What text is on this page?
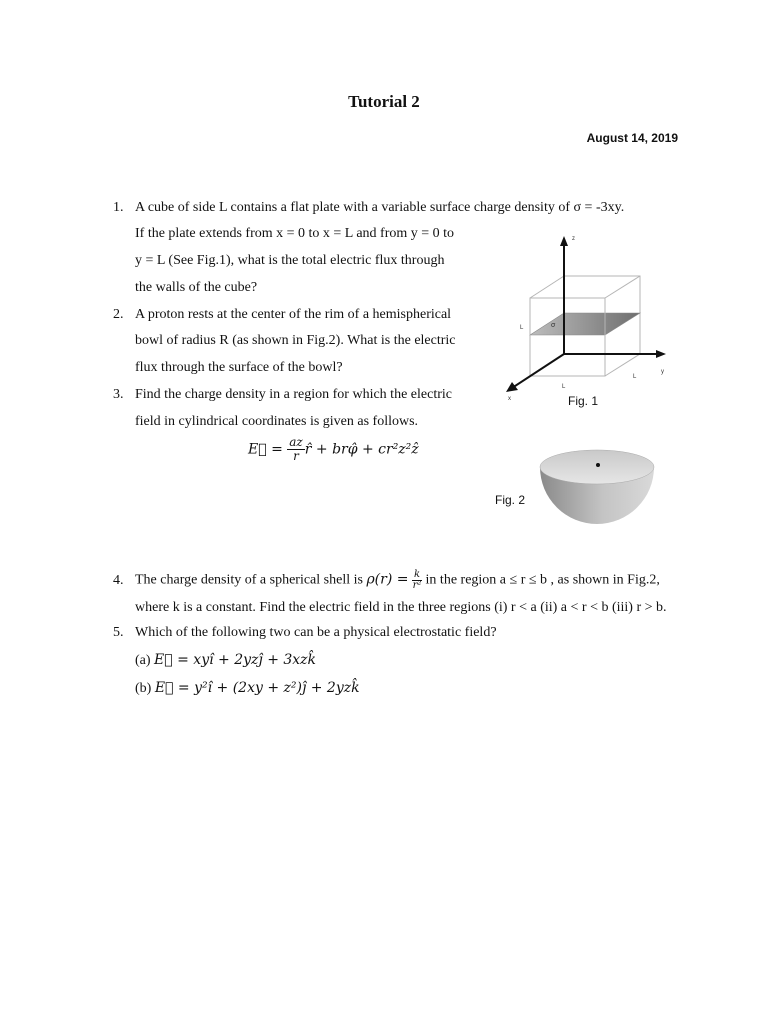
Tutorial 2
August 14, 2019
1. A cube of side L contains a flat plate with a variable surface charge density of σ = -3xy.
If the plate extends from x = 0 to x = L and from y = 0 to
y = L (See Fig.1), what is the total electric flux through
the walls of the cube?
2. A proton rests at the center of the rim of a hemispherical
bowl of radius R (as shown in Fig.2). What is the electric
flux through the surface of the bowl?
3. Find the charge density in a region for which the electric
field in cylindrical coordinates is given as follows.
E⃗ = $\frac{az}{r}$ r̂ + brφ̂ + cr²z²ẑ
σ
z
y
x
L
L
L
Fig. 1
Fig. 2
4. The charge density of a spherical shell is $\rho(r) = \frac{k}{\text{r²}}$ in the region a ≤ r ≤ b , as shown in Fig.2,
where k is a constant. Find the electric field in the three regions (i) r < a (ii) a < r < b (iii) r > b.
5. Which of the following two can be a physical electrostatic field?
(a) E⃗ = xyî + 2yzĵ + 3xzk̂
(b) E⃗ = y²î + (2xy + z²)ĵ + 2yzk̂
